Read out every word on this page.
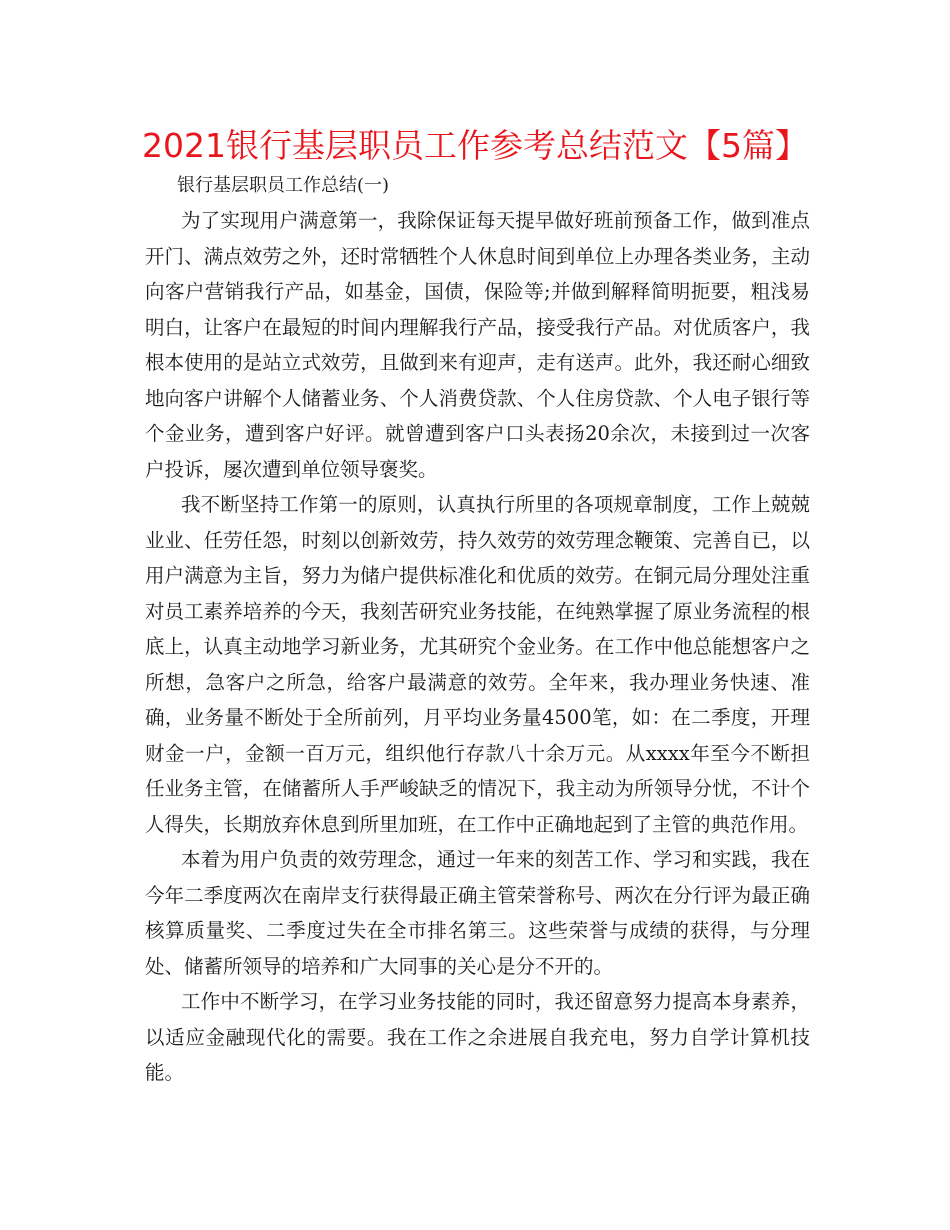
2021银行基层职员工作参考总结范文【5篇】

银行基层职员工作总结(一)

为了实现用户满意第一，我除保证每天提早做好班前预备工作，做到准点开门、满点效劳之外，还时常牺牲个人休息时间到单位上办理各类业务，主动向客户营销我行产品，如基金，国债，保险等;并做到解释简明扼要，粗浅易明白，让客户在最短的时间内理解我行产品，接受我行产品。对优质客户，我根本使用的是站立式效劳，且做到来有迎声，走有送声。此外，我还耐心细致地向客户讲解个人储蓄业务、个人消费贷款、个人住房贷款、个人电子银行等个金业务，遭到客户好评。就曾遭到客户口头表扬20余次，未接到过一次客户投诉，屡次遭到单位领导褒奖。

我不断坚持工作第一的原则，认真执行所里的各项规章制度，工作上兢兢业业、任劳任怨，时刻以创新效劳，持久效劳的效劳理念鞭策、完善自已，以用户满意为主旨，努力为储户提供标准化和优质的效劳。在铜元局分理处注重对员工素养培养的今天，我刻苦研究业务技能，在纯熟掌握了原业务流程的根底上，认真主动地学习新业务，尤其研究个金业务。在工作中他总能想客户之所想，急客户之所急，给客户最满意的效劳。全年来，我办理业务快速、准确，业务量不断处于全所前列，月平均业务量4500笔，如：在二季度，开理财金一户，金额一百万元，组织他行存款八十余万元。从xxxx年至今不断担任业务主管，在储蓄所人手严峻缺乏的情况下，我主动为所领导分忧，不计个人得失，长期放弃休息到所里加班，在工作中正确地起到了主管的典范作用。

本着为用户负责的效劳理念，通过一年来的刻苦工作、学习和实践，我在今年二季度两次在南岸支行获得最正确主管荣誉称号、两次在分行评为最正确核算质量奖、二季度过失在全市排名第三。这些荣誉与成绩的获得，与分理处、储蓄所领导的培养和广大同事的关心是分不开的。

工作中不断学习，在学习业务技能的同时，我还留意努力提高本身素养，以适应金融现代化的需要。我在工作之余进展自我充电，努力自学计算机技能。
